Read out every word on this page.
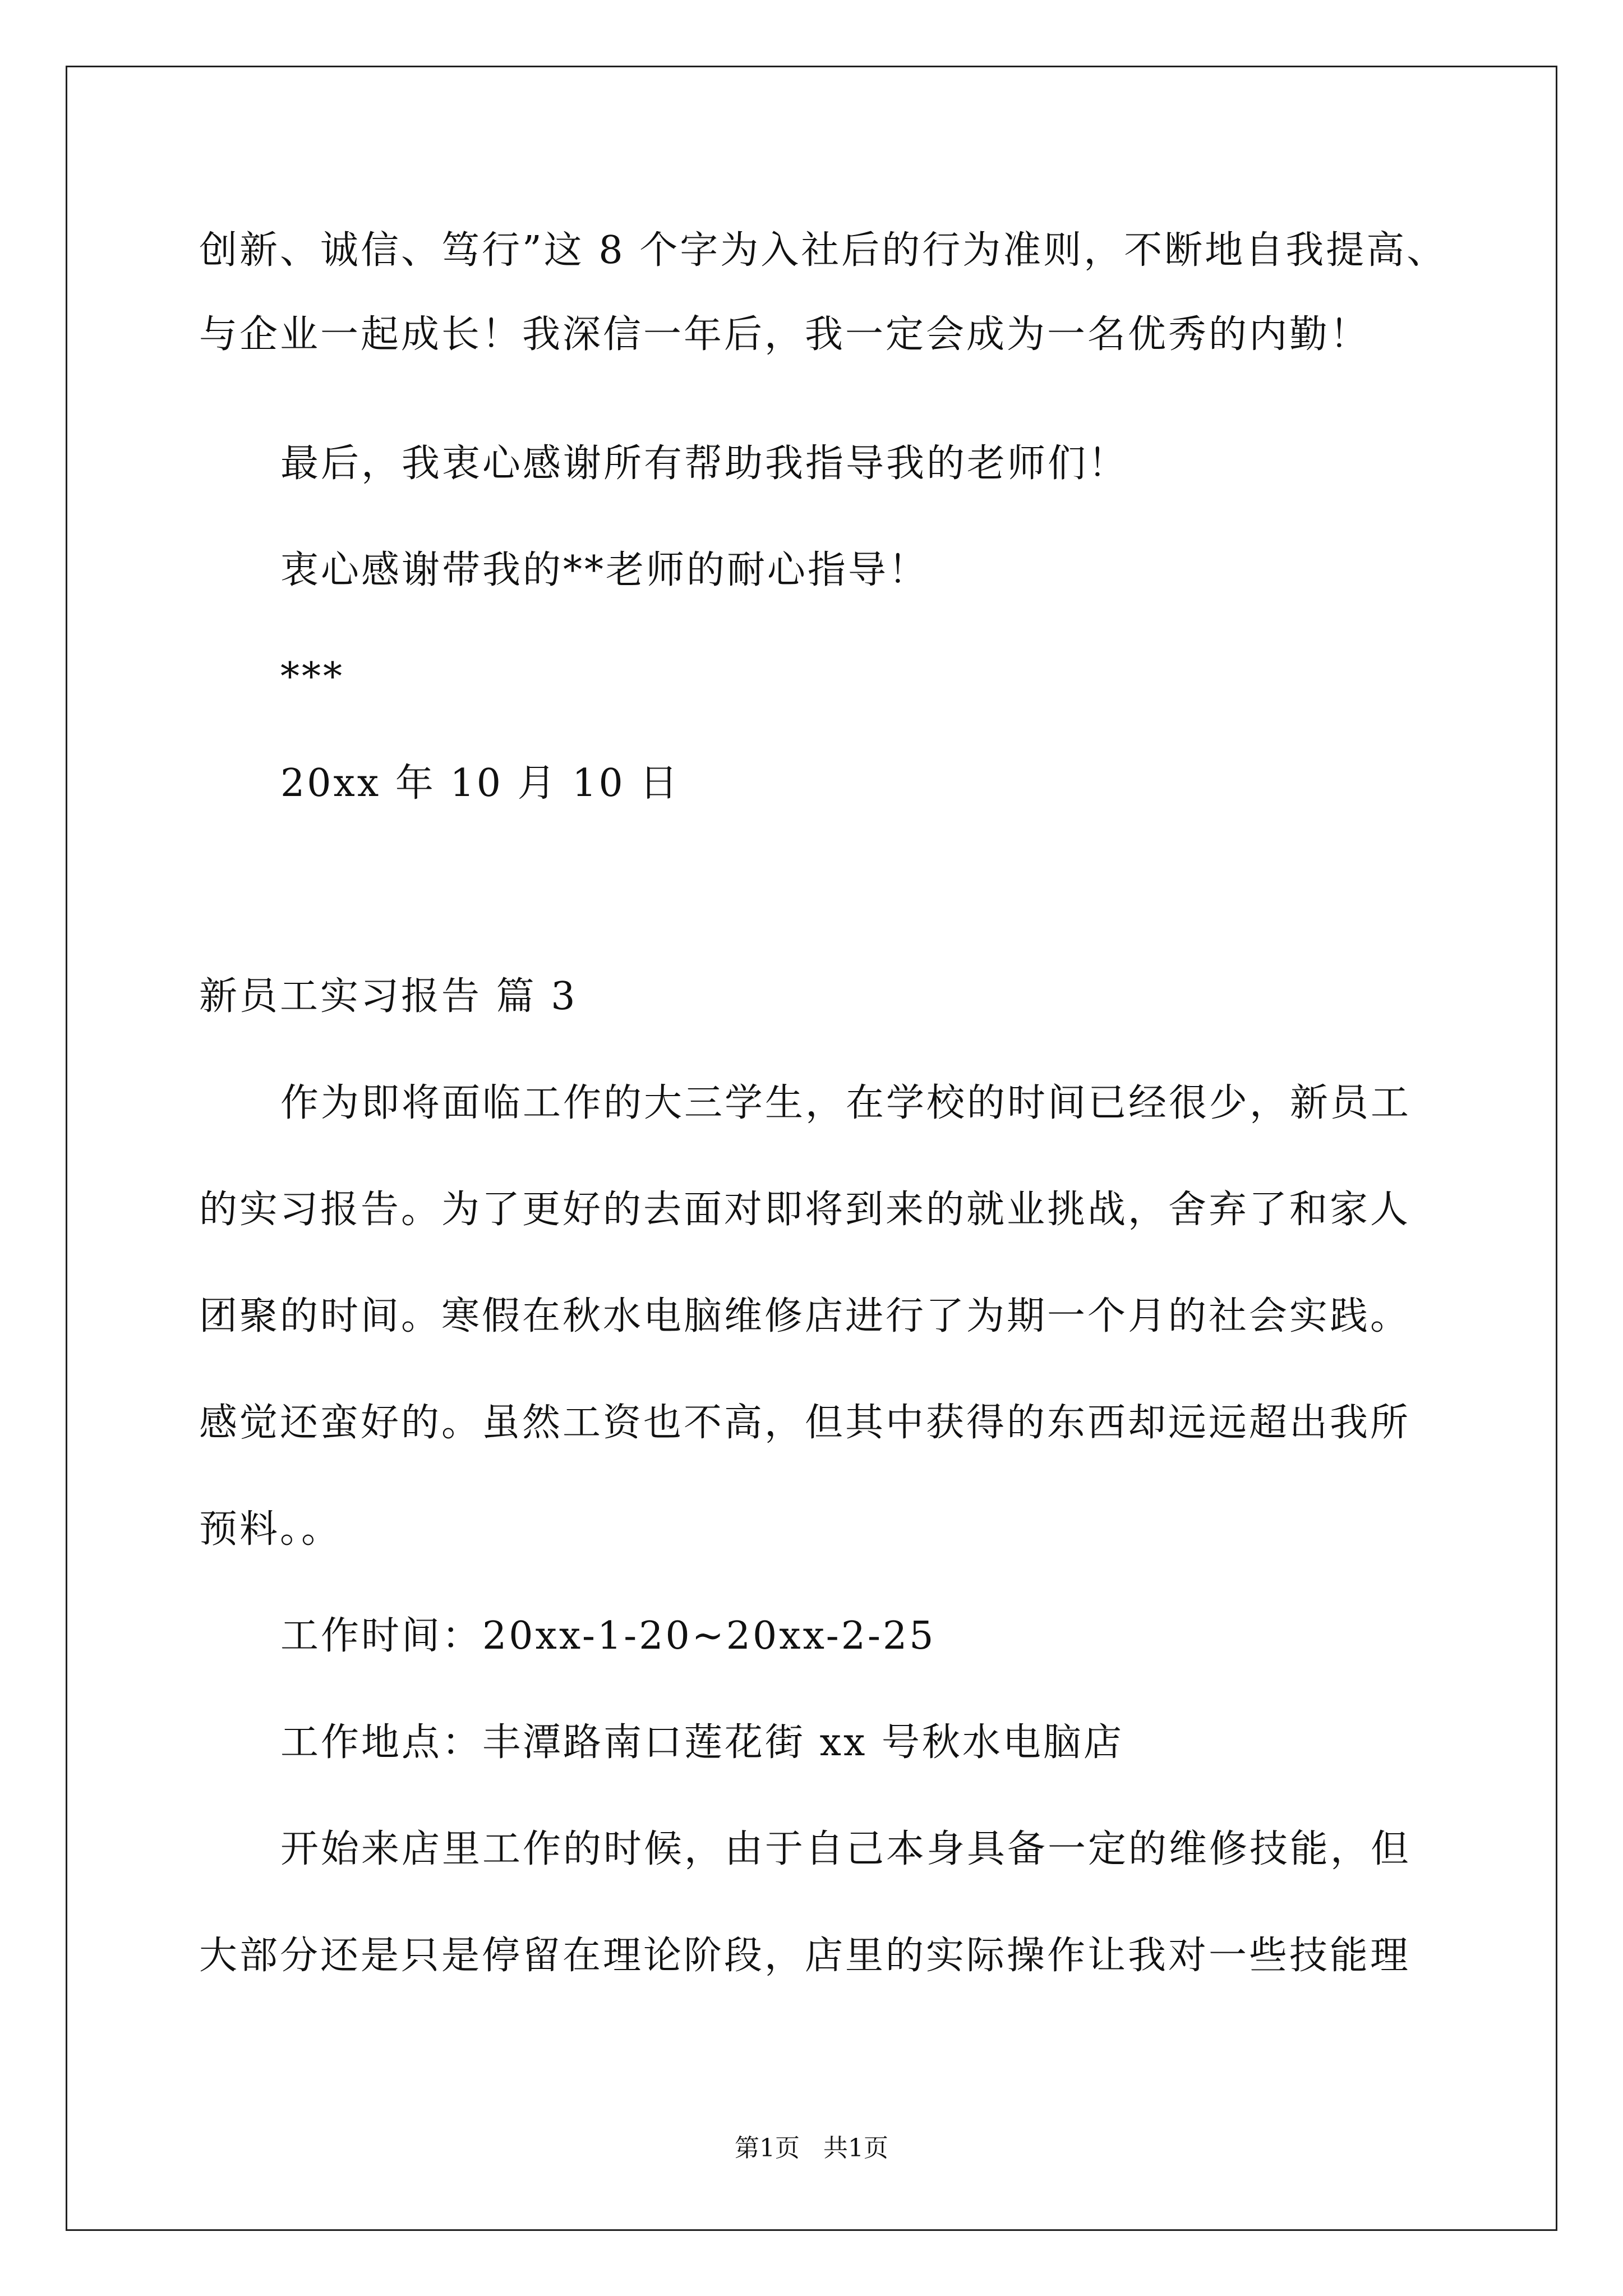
创新、诚信、笃行”这 8 个字为入社后的行为准则，不断地自我提高、
与企业一起成长！我深信一年后，我一定会成为一名优秀的内勤！
最后，我衷心感谢所有帮助我指导我的老师们！
衷心感谢带我的**老师的耐心指导！
***
20xx 年 10 月 10 日
新员工实习报告 篇 3
作为即将面临工作的大三学生，在学校的时间已经很少，新员工
的实习报告。为了更好的去面对即将到来的就业挑战，舍弃了和家人
团聚的时间。寒假在秋水电脑维修店进行了为期一个月的社会实践。
感觉还蛮好的。虽然工资也不高，但其中获得的东西却远远超出我所
预料。。
工作时间：20xx-1-20~20xx-2-25
工作地点：丰潭路南口莲花街 xx 号秋水电脑店
开始来店里工作的时候，由于自己本身具备一定的维修技能，但
大部分还是只是停留在理论阶段，店里的实际操作让我对一些技能理
第1页   共1页
